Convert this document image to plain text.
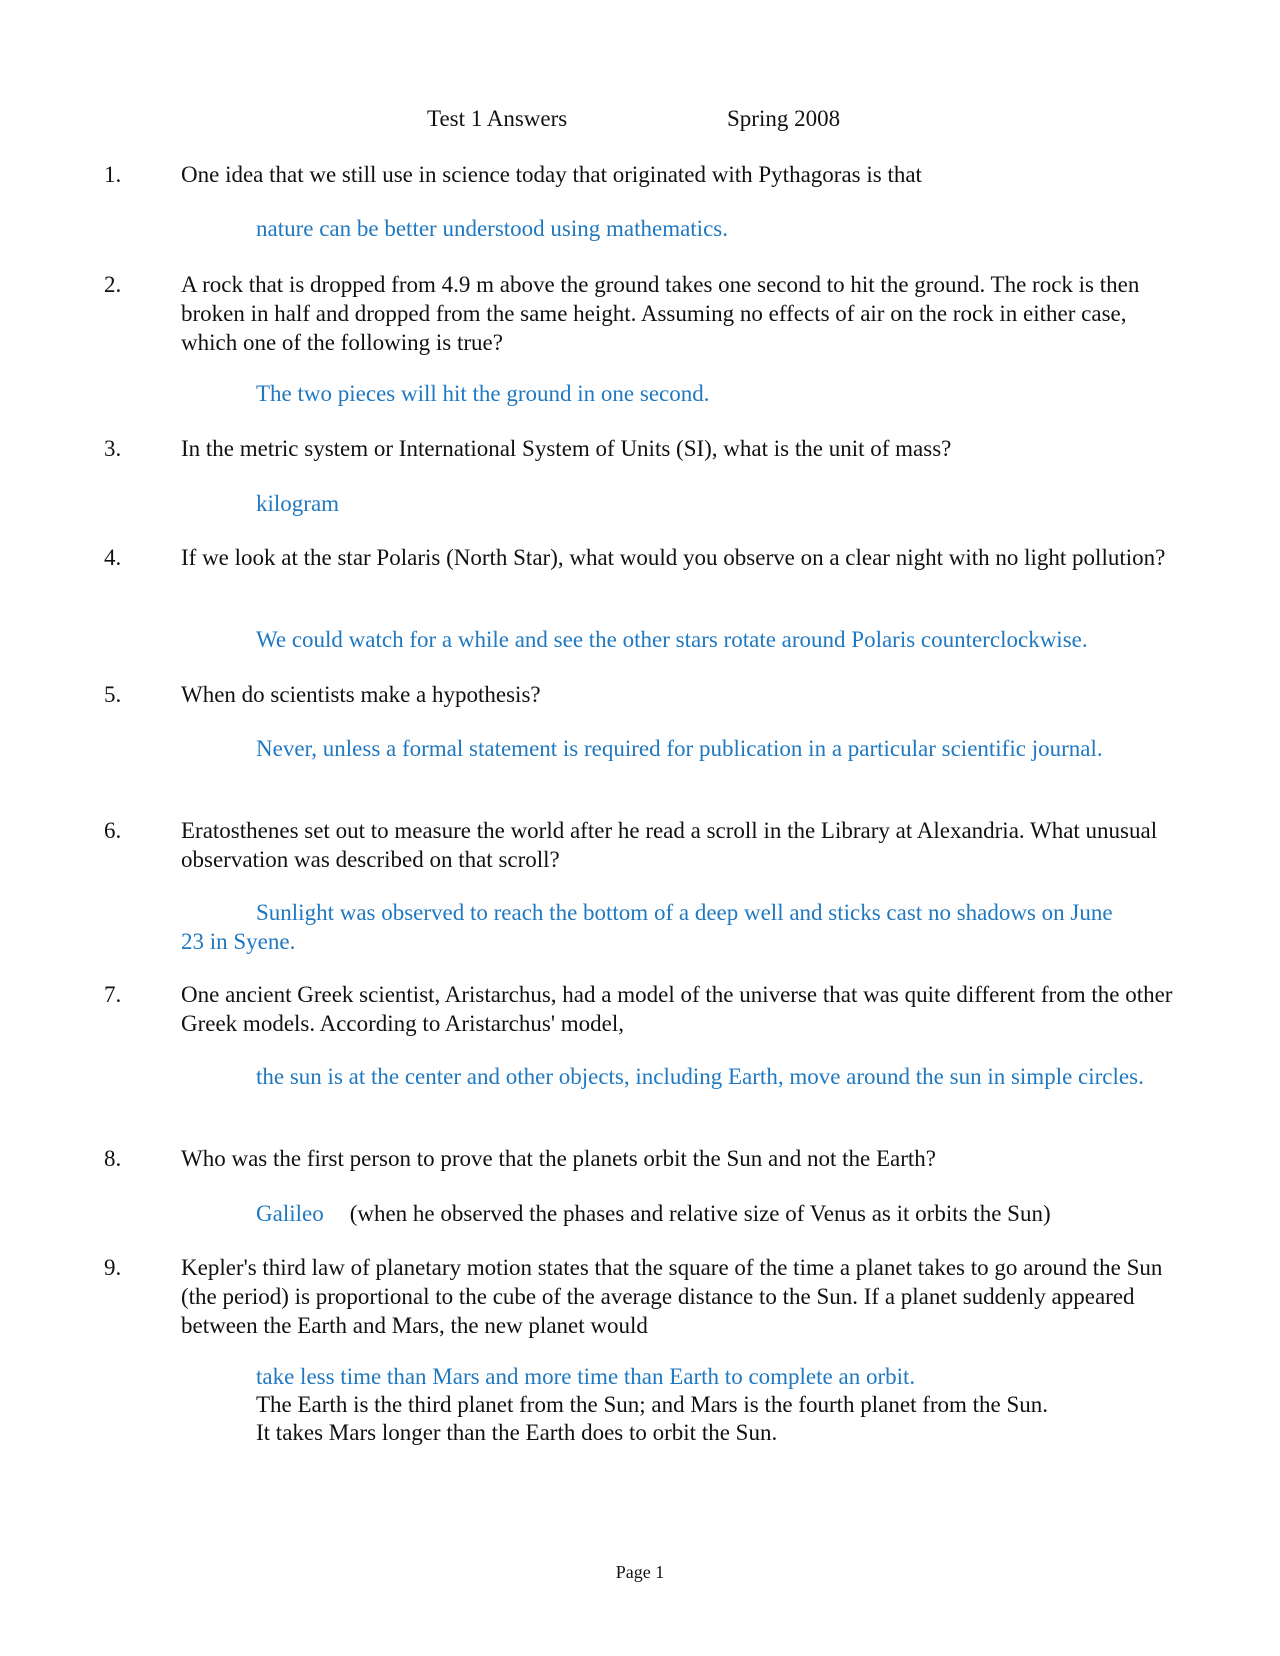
Test 1 Answers	Spring 2008
1.	One idea that we still use in science today that originated with Pythagoras is that
nature can be better understood using mathematics.
2.	A rock that is dropped from 4.9 m above the ground takes one second to hit the ground. The rock is then broken in half and dropped from the same height. Assuming no effects of air on the rock in either case, which one of the following is true?
The two pieces will hit the ground in one second.
3.	In the metric system or International System of Units (SI), what is the unit of mass?
kilogram
4.	If we look at the star Polaris (North Star), what would you observe on a clear night with no light pollution?
We could watch for a while and see the other stars rotate around Polaris counterclockwise.
5.	When do scientists make a hypothesis?
Never, unless a formal statement is required for publication in a particular scientific journal.
6.	Eratosthenes set out to measure the world after he read a scroll in the Library at Alexandria. What unusual observation was described on that scroll?
Sunlight was observed to reach the bottom of a deep well and sticks cast no shadows on June 23 in Syene.
7.	One ancient Greek scientist, Aristarchus, had a model of the universe that was quite different from the other Greek models. According to Aristarchus' model,
the sun is at the center and other objects, including Earth, move around the sun in simple circles.
8.	Who was the first person to prove that the planets orbit the Sun and not the Earth?
Galileo (when he observed the phases and relative size of Venus as it orbits the Sun)
9.	Kepler's third law of planetary motion states that the square of the time a planet takes to go around the Sun (the period) is proportional to the cube of the average distance to the Sun. If a planet suddenly appeared between the Earth and Mars, the new planet would
take less time than Mars and more time than Earth to complete an orbit.
The Earth is the third planet from the Sun; and Mars is the fourth planet from the Sun.
It takes Mars longer than the Earth does to orbit the Sun.
Page 1
